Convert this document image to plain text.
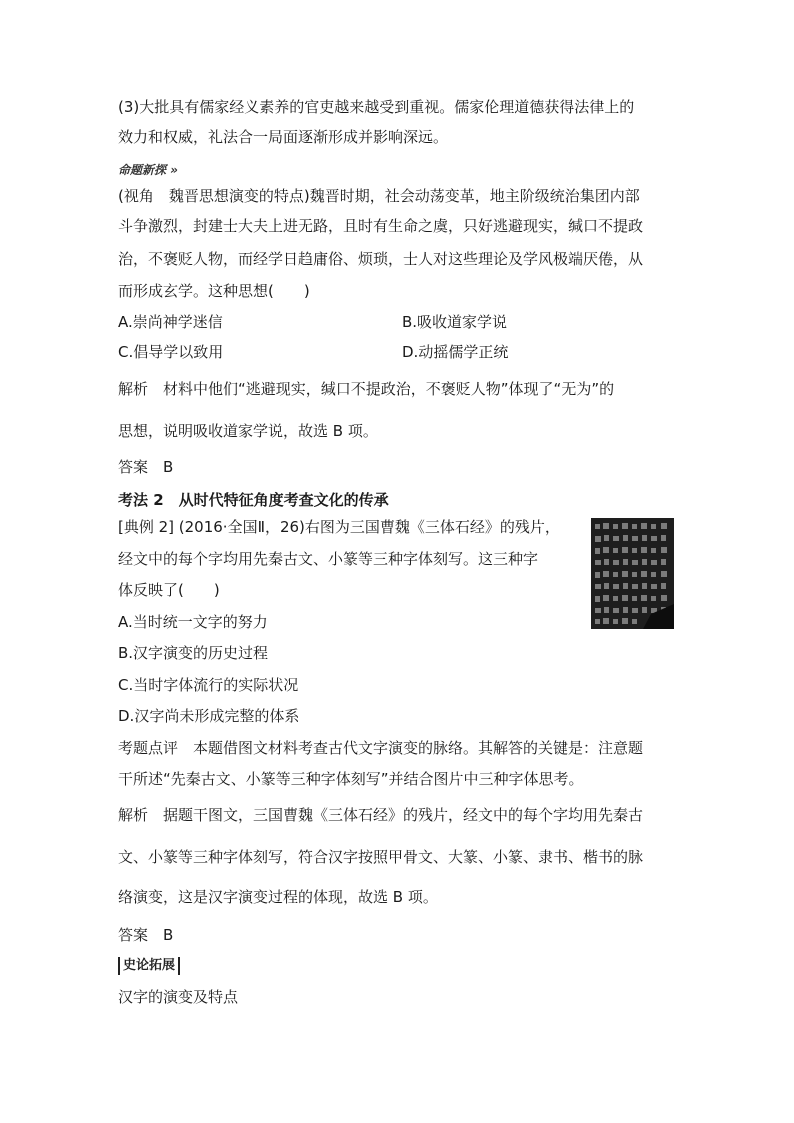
(3)大批具有儒家经义素养的官吏越来越受到重视。儒家伦理道德获得法律上的
效力和权威，礼法合一局面逐渐形成并影响深远。
命题新探 »
(视角　魏晋思想演变的特点)魏晋时期，社会动荡变革，地主阶级统治集团内部
斗争激烈，封建士大夫上进无路，且时有生命之虞，只好逃避现实，缄口不提政
治，不褒贬人物，而经学日趋庸俗、烦琐，士人对这些理论及学风极端厌倦，从
而形成玄学。这种思想(　　)
A.崇尚神学迷信	B.吸收道家学说
C.倡导学以致用	D.动摇儒学正统
解析　材料中他们“逃避现实，缄口不提政治，不褒贬人物”体现了“无为”的
思想，说明吸收道家学说，故选 B 项。
答案　B
考法 2　从时代特征角度考查文化的传承
[典例 2] (2016·全国Ⅱ，26)右图为三国曹魏《三体石经》的残片，
经文中的每个字均用先秦古文、小篆等三种字体刻写。这三种字
体反映了(　　)
A.当时统一文字的努力
B.汉字演变的历史过程
C.当时字体流行的实际状况
D.汉字尚未形成完整的体系
考题点评　本题借图文材料考查古代文字演变的脉络。其解答的关键是：注意题
干所述“先秦古文、小篆等三种字体刻写”并结合图片中三种字体思考。
解析　据题干图文，三国曹魏《三体石经》的残片，经文中的每个字均用先秦古
文、小篆等三种字体刻写，符合汉字按照甲骨文、大篆、小篆、隶书、楷书的脉
络演变，这是汉字演变过程的体现，故选 B 项。
答案　B
史论拓展
汉字的演变及特点
